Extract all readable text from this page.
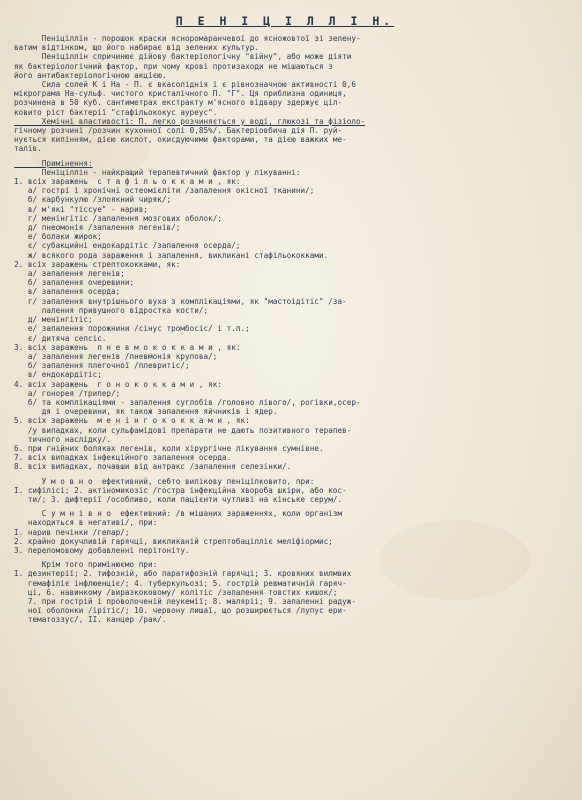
П Е Н І Ц І Л Л І Н.
Пеніціллін - порошок краски ясноромаранчевої до ясножовтої зі зелену-
ватим відтінком, що його набирає від зелених культур.
Пеніціллін спричинює дійову бактеріологічну "війну", або може діяти
як бактеріологічний фактор, при чому крові протизаходи не мішаються з
його антибактеріологічною акцією.
Сила солей К і На - П. є вкасоліднія і є рівнозначною активності 0,6
мікрограма На-сульф. чистого кристалічного П. "Г". Ця приблизна одиниця,
розчинена в 50 куб. сантиметрах екстракту м'ясного відвару здержує ціл-
ковито ріст бактерії "стафільококус ауреус".
Хемічні властивості: П. легко розчиняється у воді, глюкозі та фізіоло-
гічному розчині /розчин кухонної солі 0,85%/. Бактеріовбича дія П. руй-
нується кипінням, дією кислот, окисдуючими факторами, та дією важких ме-
талів.
Примінення:
Пеніціллін - найкращий терапевтичний фактор у лікуванні:
І. всіх заражень  с т а ф і л ь о к к а м и , як:
а/ гострі і хронічні остеомієліти /запалення окісної тканини/;
б/ карбункулю /злоякний чиряк/;
в/ м'які "тіссуе" - нарив;
г/ менінгітіс /запалення мозгових оболок/;
д/ пнеомонія /запалення легенів/;
е/ болаки жирок;
є/ субакцийні ендокардітіс /запалення осерда/;
ж/ всякого рода зараження і запалення, викликані стафільококками.
2. всіх заражень стрептококками, як:
а/ запалення легенів;
б/ запалення очеревини;
в/ запалення осерда;
г/ запалення внутрішнього вуха з комплікаціями, як "мастоідітіс" /за-
палення привушного відростка кости/;
д/ менінгітіс;
е/ запалення порожнини /сінус тромбосіс/ і т.п.;
є/ дитяча сепсіс.
3. всіх заражень  п н е в м о к о к к а м и , як:
а/ запалення легенів /пневмонія крупова/;
б/ запалення плегочної /плевритіс/;
в/ ендокардітіс;
4. всіх заражень  г о н о к о к к а м и , як:
а/ гонорея /трипер/;
б/ та комплікаціями - запалення суглобів /головно лівого/, рогівки,осер-
дя і очеревини, як також запалення яйчників і ядер.
5. всіх заражень  м е н і н г о к о к к а м и , як:
/у випадках, коли сульфамідові препарати не дають позитивного терапев-
тичного наслідку/.
6. при гнійних боляках легенів, коли хірургічне лікування сумнівне.
7. всіх випадках інфекційного запалення осерда.
8. всіх випадках, почавши від антракс /запалення селезінки/.
У м о в н о  ефективний, себто вилікову пеніцілковито, при:
І. сифілісі; 2. актіномикозіс /гостра інфекційна хвороба шкіри, або кос-
ти/; 3. дифтерії /особливо, коли пацієнти чутливі на кінське серум/.
С у м н і в н о  ефективний: /в мішаних зараженнях, коли організм
находиться в негативі/, при:
І. нарив печінки /гепар/;
2. крайно докучливій гарячці, викликаній стрептобацілліє меліфіормис;
3. переломовому добавленні перітоніту.
Крім того примінюємо при:
І. дезинтерії; 2. тифозній, або паратифозній гарячці; 3. кровяних вилмвих
гемафіліє інфлюенціє/; 4. туберкульозі; 5. гострій ревматичній гаряч-
ці, 6. навинкому /виразкоковому/ колітіс /запалення товстих кишок/;
7. при гострій і проволоченій леукемії; 8. маляріі; 9. запаленні радуж-
ної оболонки /ірітіс/; 10. червону лишаї, що розширюється /лупус ери-
тематоззус/, ІІ. канцер /рак/.
